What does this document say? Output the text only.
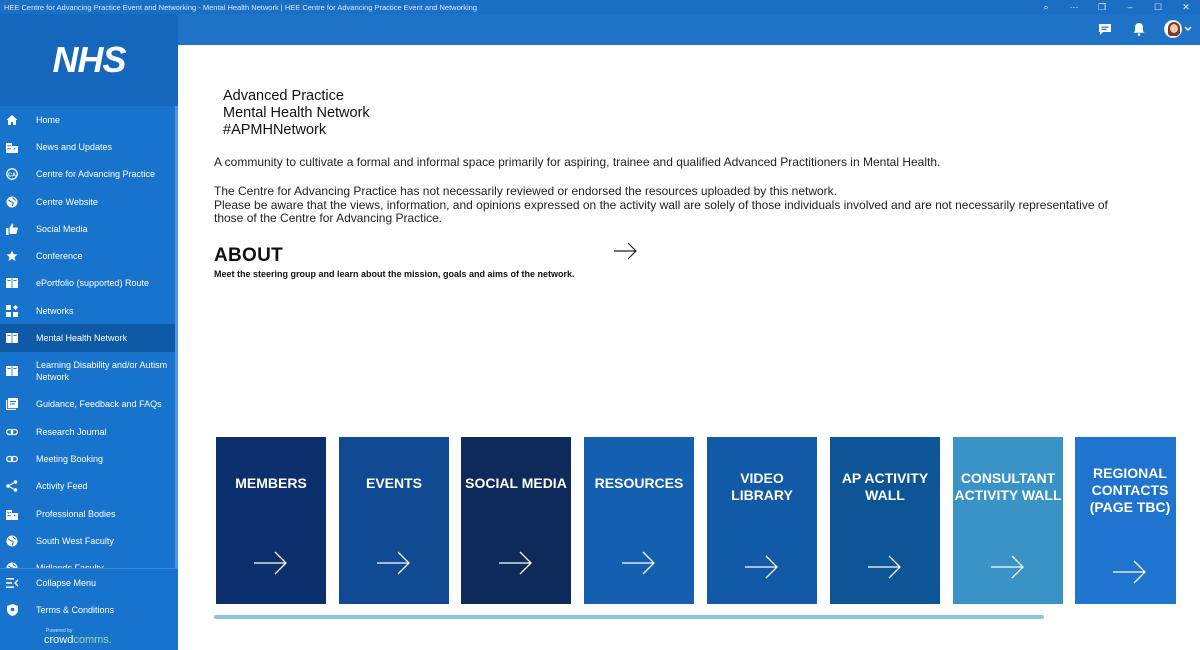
HEE Centre for Advancing Practice Event and Networking - Mental Health Network | HEE Centre for Advancing Practice Event and Networking	⌕	⋯	❐	–	☐	✕
NHS
Home
News and Updates
CA Centre for Advancing Practice
Centre Website
Social Media
Conference
ePortfolio (supported) Route
Networks
Mental Health Network
Learning Disability and/or Autism Network
Guidance, Feedback and FAQs
Research Journal
Meeting Booking
Activity Feed
Professional Bodies
South West Faculty
Collapse Menu
Terms & Conditions
Powered by
crowdcomms.
Advanced Practice
Mental Health Network
#APMHNetwork
A community to cultivate a formal and informal space primarily for aspiring, trainee and qualified Advanced Practitioners in Mental Health.
The Centre for Advancing Practice has not necessarily reviewed or endorsed the resources uploaded by this network.
Please be aware that the views, information, and opinions expressed on the activity wall are solely of those individuals involved and are not necessarily representative of those of the Centre for Advancing Practice.
ABOUT
Meet the steering group and learn about the mission, goals and aims of the network.
MEMBERS	EVENTS	SOCIAL MEDIA	RESOURCES	VIDEO
LIBRARY
AP ACTIVITY
WALL
CONSULTANT
ACTIVITY WALL
REGIONAL
CONTACTS
(PAGE TBC)
